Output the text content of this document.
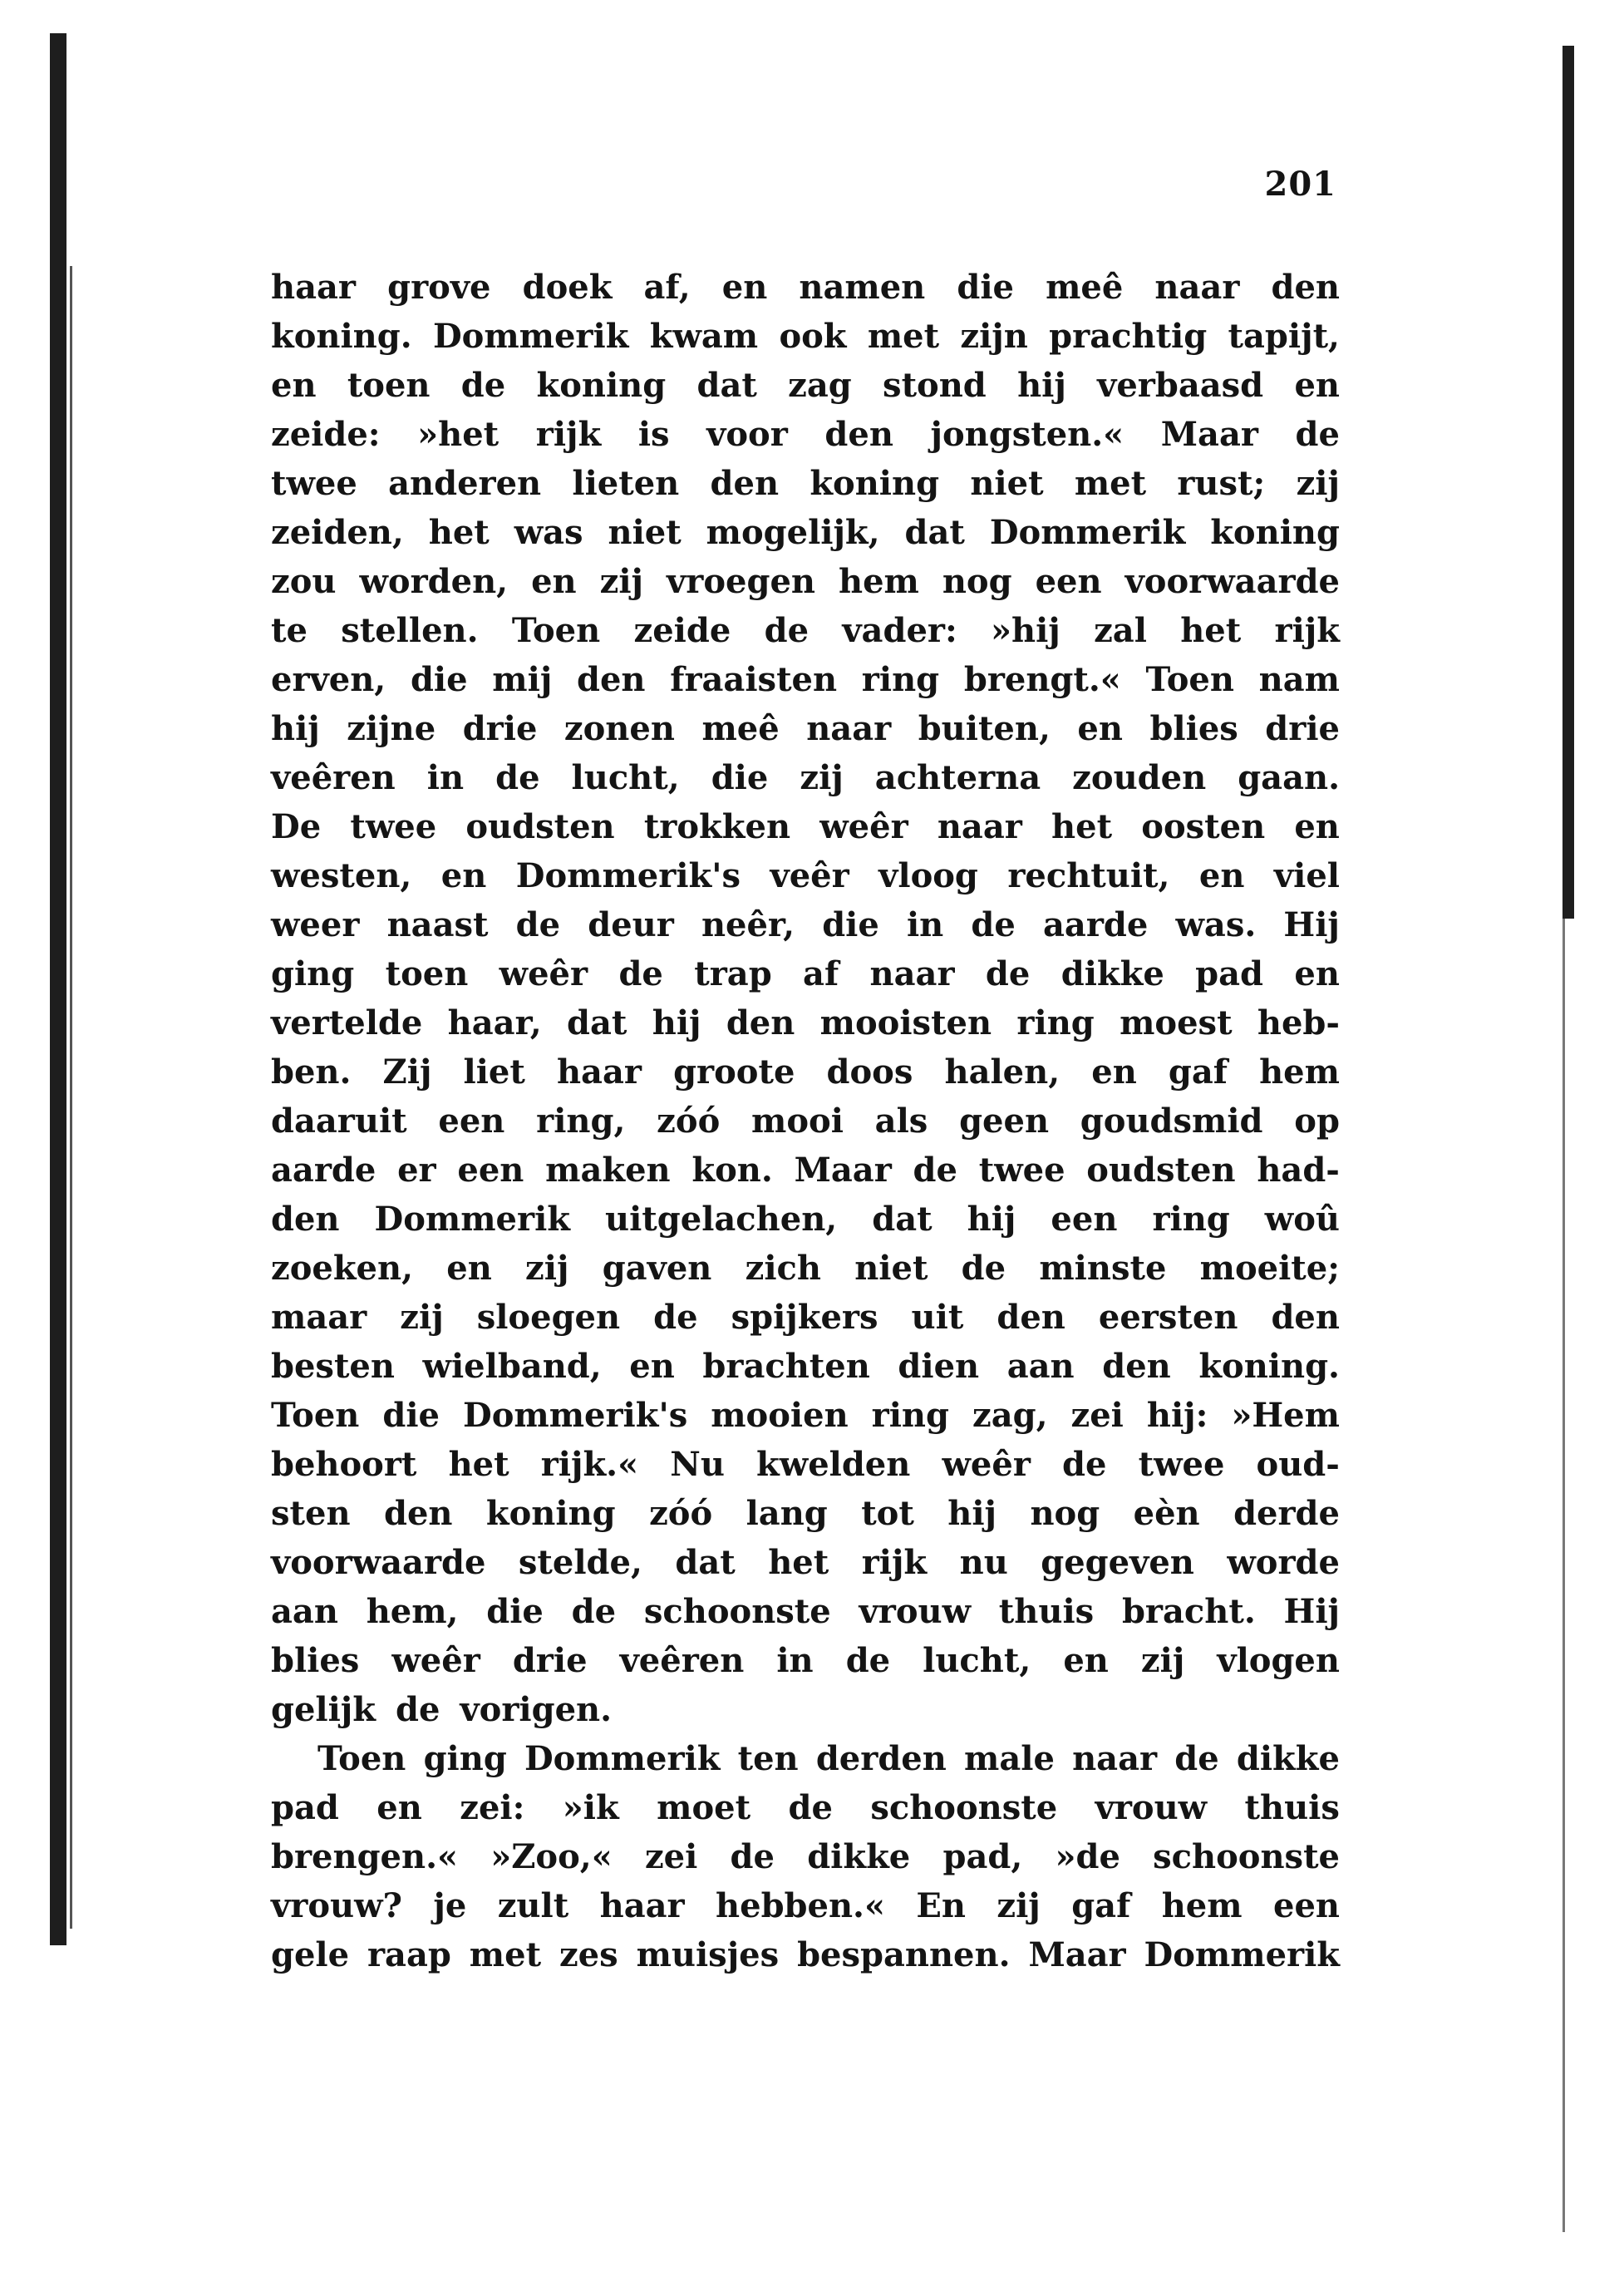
201
haar grove doek af, en namen die meê naar den
koning. Dommerik kwam ook met zijn prachtig tapijt,
en toen de koning dat zag stond hij verbaasd en
zeide: »het rijk is voor den jongsten.« Maar de
twee anderen lieten den koning niet met rust; zij
zeiden, het was niet mogelijk, dat Dommerik koning
zou worden, en zij vroegen hem nog een voorwaarde
te stellen. Toen zeide de vader: »hij zal het rijk
erven, die mij den fraaisten ring brengt.« Toen nam
hij zijne drie zonen meê naar buiten, en blies drie
veêren in de lucht, die zij achterna zouden gaan.
De twee oudsten trokken weêr naar het oosten en
westen, en Dommerik's veêr vloog rechtuit, en viel
weer naast de deur neêr, die in de aarde was. Hij
ging toen weêr de trap af naar de dikke pad en
vertelde haar, dat hij den mooisten ring moest heb-
ben. Zij liet haar groote doos halen, en gaf hem
daaruit een ring, zóó mooi als geen goudsmid op
aarde er een maken kon. Maar de twee oudsten had-
den Dommerik uitgelachen, dat hij een ring woû
zoeken, en zij gaven zich niet de minste moeite;
maar zij sloegen de spijkers uit den eersten den
besten wielband, en brachten dien aan den koning.
Toen die Dommerik's mooien ring zag, zei hij: »Hem
behoort het rijk.« Nu kwelden weêr de twee oud-
sten den koning zóó lang tot hij nog eèn derde
voorwaarde stelde, dat het rijk nu gegeven worde
aan hem, die de schoonste vrouw thuis bracht. Hij
blies weêr drie veêren in de lucht, en zij vlogen
gelijk de vorigen.
Toen ging Dommerik ten derden male naar de dikke
pad en zei: »ik moet de schoonste vrouw thuis
brengen.« »Zoo,« zei de dikke pad, »de schoonste
vrouw? je zult haar hebben.« En zij gaf hem een
gele raap met zes muisjes bespannen. Maar Dommerik
